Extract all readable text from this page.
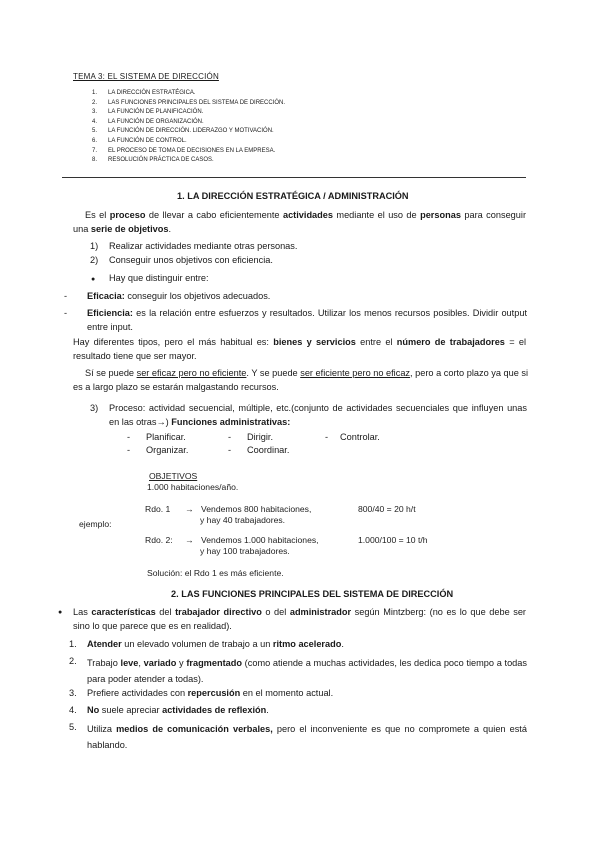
TEMA 3: EL SISTEMA DE DIRECCIÓN
1. LA DIRECCIÓN ESTRATÉGICA.
2. LAS FUNCIONES PRINCIPALES DEL SISTEMA DE DIRECCIÓN.
3. LA FUNCIÓN DE PLANIFICACIÓN.
4. LA FUNCIÓN DE ORGANIZACIÓN.
5. LA FUNCIÓN DE DIRECCIÓN. LIDERAZGO Y MOTIVACIÓN.
6. LA FUNCIÓN DE CONTROL.
7. EL PROCESO DE TOMA DE DECISIONES EN LA EMPRESA.
8. RESOLUCIÓN PRÁCTICA DE CASOS.
1. LA DIRECCIÓN ESTRATÉGICA / ADMINISTRACIÓN
Es el proceso de llevar a cabo eficientemente actividades mediante el uso de personas para conseguir una serie de objetivos.
1) Realizar actividades mediante otras personas.
2) Conseguir unos objetivos con eficiencia.
● Hay que distinguir entre:
- Eficacia: conseguir los objetivos adecuados.
- Eficiencia: es la relación entre esfuerzos y resultados. Utilizar los menos recursos posibles. Dividir output entre input.
Hay diferentes tipos, pero el más habitual es: bienes y servicios entre el número de trabajadores = el resultado tiene que ser mayor.
Sí se puede ser eficaz pero no eficiente. Y se puede ser eficiente pero no eficaz, pero a corto plazo ya que si es a largo plazo se estarán malgastando recursos.
3) Proceso: actividad secuencial, múltiple, etc.(conjunto de actividades secuenciales que influyen unas en las otras→) Funciones administrativas:
- Planificar.	- Dirigir.	- Controlar.
- Organizar.	- Coordinar.
OBJETIVOS
1.000 habitaciones/año.
ejemplo:
Rdo. 1 → Vendemos 800 habitaciones,
y hay 40 trabajadores.
800/40 = 20 h/t
Rdo. 2: → Vendemos 1.000 habitaciones,
y hay 100 trabajadores.
1.000/100 = 10 t/h
Solución: el Rdo 1 es más eficiente.
2. LAS FUNCIONES PRINCIPALES DEL SISTEMA DE DIRECCIÓN
● Las características del trabajador directivo o del administrador según Mintzberg: (no es lo que debe ser sino lo que parece que es en realidad).
1. Atender un elevado volumen de trabajo a un ritmo acelerado.
2. Trabajo leve, variado y fragmentado (como atiende a muchas actividades, les dedica poco tiempo a todas para poder atender a todas).
3. Prefiere actividades con repercusión en el momento actual.
4. No suele apreciar actividades de reflexión.
5. Utiliza medios de comunicación verbales, pero el inconveniente es que no compromete a quien está hablando.
